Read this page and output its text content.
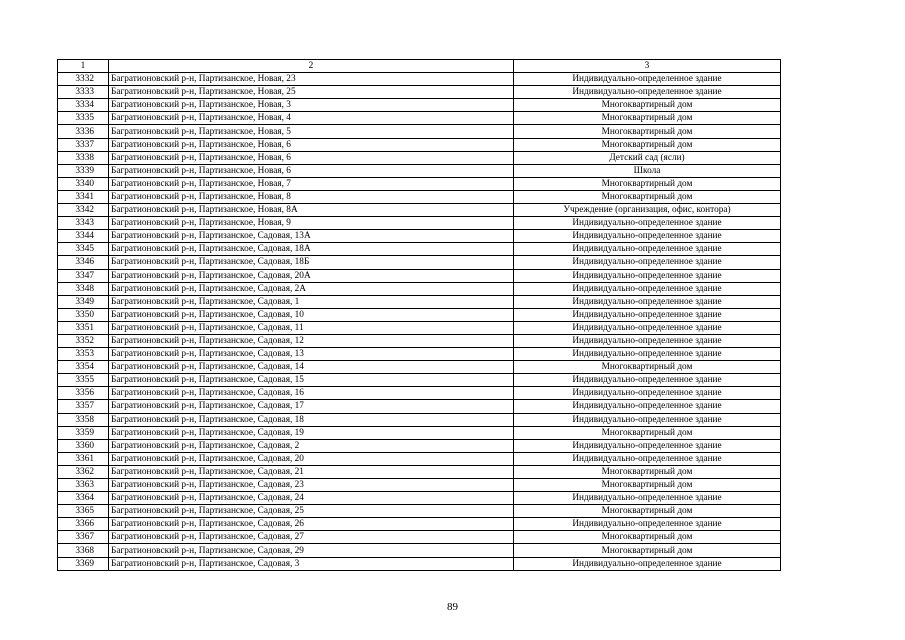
1	2	3
3332	Багратионовский р-н, Партизанское, Новая, 23	Индивидуально-определенное здание
3333	Багратионовский р-н, Партизанское, Новая, 25	Индивидуально-определенное здание
3334	Багратионовский р-н, Партизанское, Новая, 3	Многоквартирный дом
3335	Багратионовский р-н, Партизанское, Новая, 4	Многоквартирный дом
3336	Багратионовский р-н, Партизанское, Новая, 5	Многоквартирный дом
3337	Багратионовский р-н, Партизанское, Новая, 6	Многоквартирный дом
3338	Багратионовский р-н, Партизанское, Новая, 6	Детский сад (ясли)
3339	Багратионовский р-н, Партизанское, Новая, 6	Школа
3340	Багратионовский р-н, Партизанское, Новая, 7	Многоквартирный дом
3341	Багратионовский р-н, Партизанское, Новая, 8	Многоквартирный дом
3342	Багратионовский р-н, Партизанское, Новая, 8А	Учреждение (организация, офис, контора)
3343	Багратионовский р-н, Партизанское, Новая, 9	Индивидуально-определенное здание
3344	Багратионовский р-н, Партизанское, Садовая, 13А	Индивидуально-определенное здание
3345	Багратионовский р-н, Партизанское, Садовая, 18А	Индивидуально-определенное здание
3346	Багратионовский р-н, Партизанское, Садовая, 18Б	Индивидуально-определенное здание
3347	Багратионовский р-н, Партизанское, Садовая, 20А	Индивидуально-определенное здание
3348	Багратионовский р-н, Партизанское, Садовая, 2А	Индивидуально-определенное здание
3349	Багратионовский р-н, Партизанское, Садовая, 1	Индивидуально-определенное здание
3350	Багратионовский р-н, Партизанское, Садовая, 10	Индивидуально-определенное здание
3351	Багратионовский р-н, Партизанское, Садовая, 11	Индивидуально-определенное здание
3352	Багратионовский р-н, Партизанское, Садовая, 12	Индивидуально-определенное здание
3353	Багратионовский р-н, Партизанское, Садовая, 13	Индивидуально-определенное здание
3354	Багратионовский р-н, Партизанское, Садовая, 14	Многоквартирный дом
3355	Багратионовский р-н, Партизанское, Садовая, 15	Индивидуально-определенное здание
3356	Багратионовский р-н, Партизанское, Садовая, 16	Индивидуально-определенное здание
3357	Багратионовский р-н, Партизанское, Садовая, 17	Индивидуально-определенное здание
3358	Багратионовский р-н, Партизанское, Садовая, 18	Индивидуально-определенное здание
3359	Багратионовский р-н, Партизанское, Садовая, 19	Многоквартирный дом
3360	Багратионовский р-н, Партизанское, Садовая, 2	Индивидуально-определенное здание
3361	Багратионовский р-н, Партизанское, Садовая, 20	Индивидуально-определенное здание
3362	Багратионовский р-н, Партизанское, Садовая, 21	Многоквартирный дом
3363	Багратионовский р-н, Партизанское, Садовая, 23	Многоквартирный дом
3364	Багратионовский р-н, Партизанское, Садовая, 24	Индивидуально-определенное здание
3365	Багратионовский р-н, Партизанское, Садовая, 25	Многоквартирный дом
3366	Багратионовский р-н, Партизанское, Садовая, 26	Индивидуально-определенное здание
3367	Багратионовский р-н, Партизанское, Садовая, 27	Многоквартирный дом
3368	Багратионовский р-н, Партизанское, Садовая, 29	Многоквартирный дом
3369	Багратионовский р-н, Партизанское, Садовая, 3	Индивидуально-определенное здание
89
